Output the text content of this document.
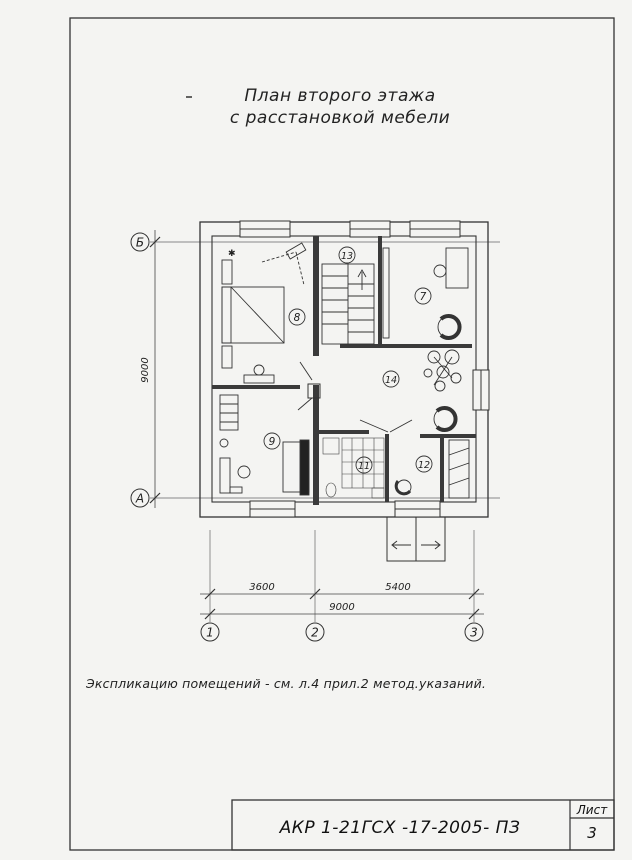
План второго этажа
с расстановкой мебели
Б
А
1	2	3
9000
3600	5400
9000
✱
7
8
9
11	12
13
14
Экспликацию помещений - см. л.4 прил.2 метод.указаний.
АКР 1-21ГСХ -17-2005- ПЗ
Лист
3
